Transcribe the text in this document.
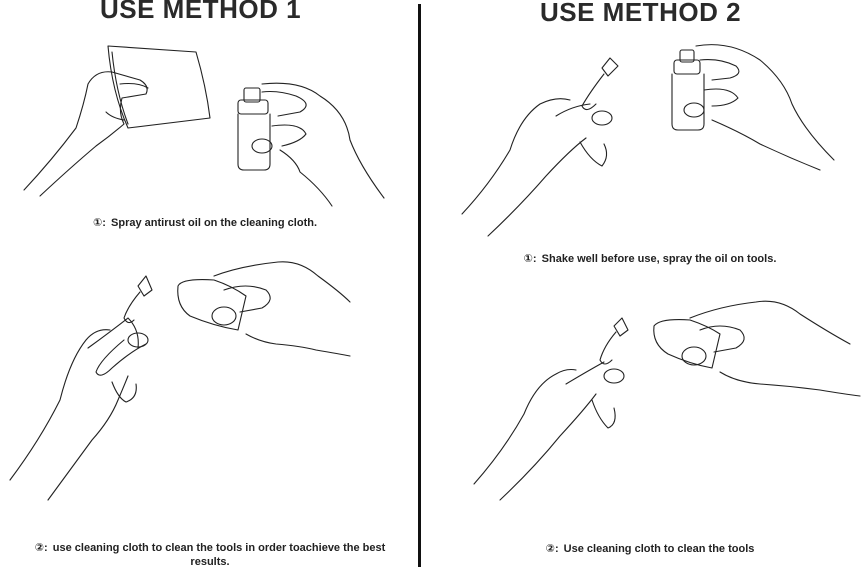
USE METHOD 1	USE METHOD 2
①: Spray antirust oil on the cleaning cloth.
②: use cleaning cloth to clean the tools in order toachieve the best results.
①: Shake well before use, spray the oil on tools.
②: Use cleaning cloth to clean the tools
